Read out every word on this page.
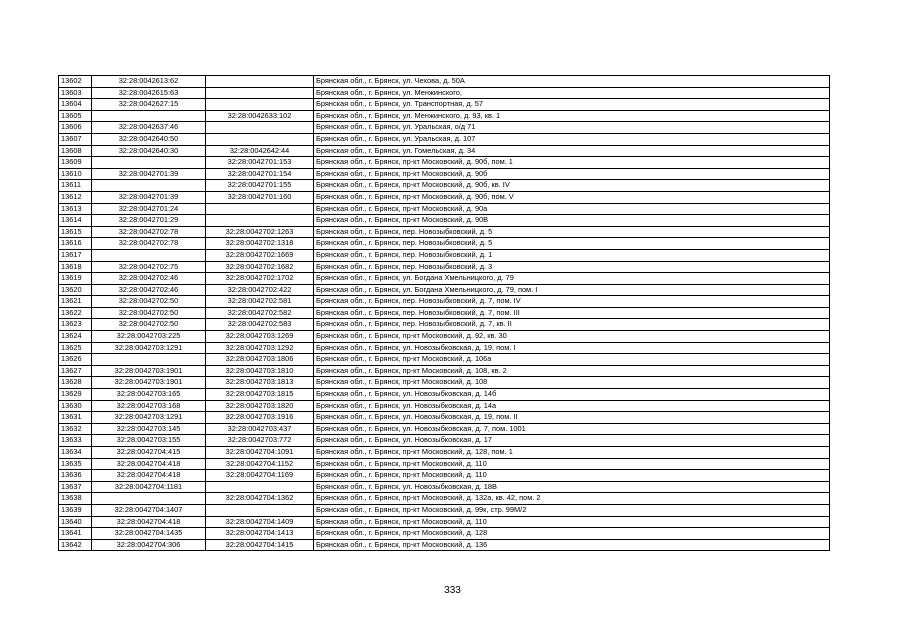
13602	32:28:0042613:62		Брянская обл., г. Брянск, ул. Чехова, д. 50А
13603	32:28:0042615:63		Брянская обл., г. Брянск, ул. Менжинского,
13604	32:28:0042627:15		Брянская обл., г. Брянск, ул. Транспортная, д. 57
13605		32:28:0042633:102	Брянская обл., г. Брянск, ул. Менжинского, д. 93, кв. 1
13606	32:28:0042637:46		Брянская обл., г. Брянск, ул. Уральская, о/д 71
13607	32:28:0042640:50		Брянская обл., г. Брянск, ул. Уральская, д. 107
13608	32:28:0042640:30	32:28:0042642:44	Брянская обл., г. Брянск, ул. Гомельская, д. 34
13609		32:28:0042701:153	Брянская обл., г. Брянск, пр-кт Московский, д. 90б, пом. 1
13610	32:28:0042701:39	32:28:0042701:154	Брянская обл., г. Брянск, пр-кт Московский, д. 90б
13611		32:28:0042701:155	Брянская обл., г. Брянск, пр-кт Московский, д. 90б, кв. IV
13612	32:28:0042701:39	32:28:0042701:160	Брянская обл., г. Брянск, пр-кт Московский, д. 90б, пом. V
13613	32:28:0042701:24		Брянская обл., г. Брянск, пр-кт Московский, д. 90а
13614	32:28:0042701:29		Брянская обл., г. Брянск, пр-кт Московский, д. 90В
13615	32:28:0042702:78	32:28:0042702:1263	Брянская обл., г. Брянск, пер. Новозыбковский, д. 5
13616	32:28:0042702:78	32:28:0042702:1318	Брянская обл., г. Брянск, пер. Новозыбковский, д. 5
13617		32:28:0042702:1669	Брянская обл., г. Брянск, пер. Новозыбковский, д. 1
13618	32:28:0042702:75	32:28:0042702:1682	Брянская обл., г. Брянск, пер. Новозыбковский, д. 3
13619	32:28:0042702:46	32:28:0042702:1702	Брянская обл., г. Брянск, ул. Богдана Хмельницкого, д. 79
13620	32:28:0042702:46	32:28:0042702:422	Брянская обл., г. Брянск, ул. Богдана Хмельницкого, д. 79, пом. I
13621	32:28:0042702:50	32:28:0042702:581	Брянская обл., г. Брянск, пер. Новозыбковский, д. 7, пом. IV
13622	32:28:0042702:50	32:28:0042702:582	Брянская обл., г. Брянск, пер. Новозыбковский, д. 7, пом. III
13623	32:28:0042702:50	32:28:0042702:583	Брянская обл., г. Брянск, пер. Новозыбковский, д. 7, кв. II
13624	32:28:0042703:225	32:28:0042703:1269	Брянская обл., г. Брянск, пр-кт Московский, д. 92, кв. 30
13625	32:28:0042703:1291	32:28:0042703:1292	Брянская обл., г. Брянск, ул. Новозыбковская, д. 19, пом. I
13626		32:28:0042703:1806	Брянская обл., г. Брянск, пр-кт Московский, д. 106а
13627	32:28:0042703:1901	32:28:0042703:1810	Брянская обл., г. Брянск, пр-кт Московский, д. 108, кв. 2
13628	32:28:0042703:1901	32:28:0042703:1813	Брянская обл., г. Брянск, пр-кт Московский, д. 108
13629	32:28:0042703:165	32:28:0042703:1815	Брянская обл., г. Брянск, ул. Новозыбковская, д. 14б
13630	32:28:0042703:168	32:28:0042703:1820	Брянская обл., г. Брянск, ул. Новозыбковская, д. 14а
13631	32:28:0042703:1291	32:28:0042703:1916	Брянская обл., г. Брянск, ул. Новозыбковская, д. 19, пом. II
13632	32:28:0042703:145	32:28:0042703:437	Брянская обл., г. Брянск, ул. Новозыбковская, д. 7, пом. 1001
13633	32:28:0042703:155	32:28:0042703:772	Брянская обл., г. Брянск, ул. Новозыбковская, д. 17
13634	32:28:0042704:415	32:28:0042704:1091	Брянская обл., г. Брянск, пр-кт Московский, д. 128, пом. 1
13635	32:28:0042704:418	32:28:0042704:1152	Брянская обл., г. Брянск, пр-кт Московский, д. 110
13636	32:28:0042704:418	32:28:0042704:1169	Брянская обл., г. Брянск, пр-кт Московский, д. 110
13637	32:28:0042704:1181		Брянская обл., г. Брянск, ул. Новозыбковская, д. 18В
13638		32:28:0042704:1362	Брянская обл., г. Брянск, пр-кт Московский, д. 132а, кв. 42, пом. 2
13639	32:28:0042704:1407		Брянская обл., г. Брянск, пр-кт Московский, д. 99к, стр. 99М/2
13640	32:28:0042704:418	32:28:0042704:1409	Брянская обл., г. Брянск, пр-кт Московский, д. 110
13641	32:28:0042704:1435	32:28:0042704:1413	Брянская обл., г. Брянск, пр-кт Московский, д. 128
13642	32:28:0042704:306	32:28:0042704:1415	Брянская обл., г. Брянск, пр-кт Московский, д. 136
333
